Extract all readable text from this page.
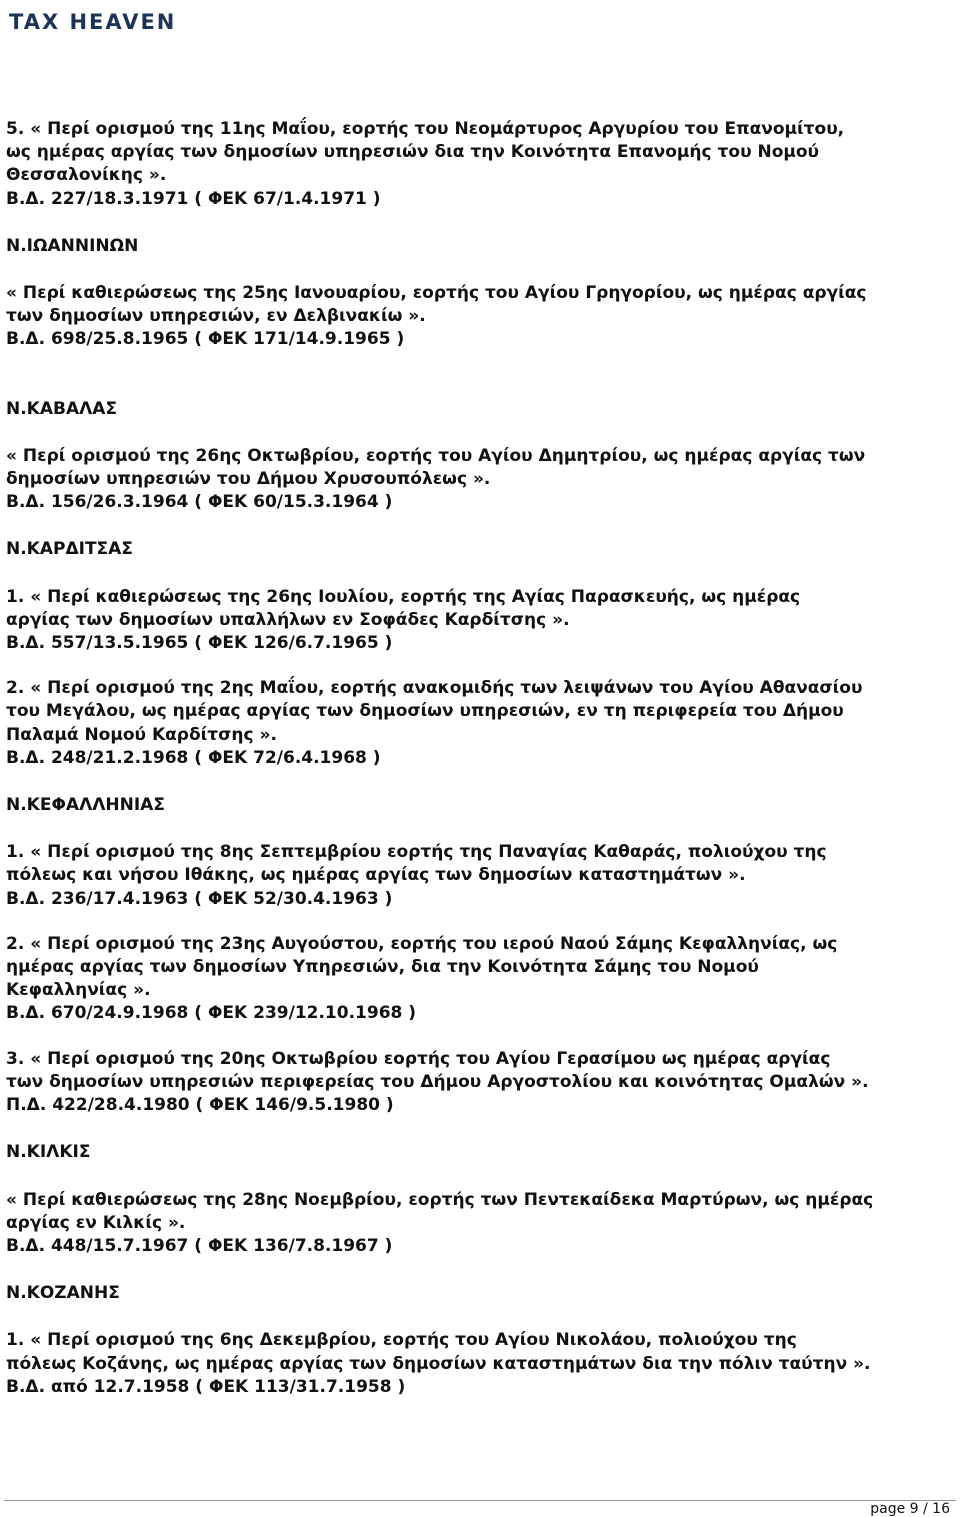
TAX HEAVEN
5. « Περί ορισμού της 11ης Μαΐου, εορτής του Νεομάρτυρος Αργυρίου του Επανομίτου,
ως ημέρας αργίας των δημοσίων υπηρεσιών δια την Κοινότητα Επανομής του Νομού
Θεσσαλονίκης ».
Β.Δ. 227/18.3.1971 ( ΦΕΚ 67/1.4.1971 )
Ν.ΙΩΑΝΝΙΝΩΝ
« Περί καθιερώσεως της 25ης Ιανουαρίου, εορτής του Αγίου Γρηγορίου, ως ημέρας αργίας
των δημοσίων υπηρεσιών, εν Δελβινακίω ».
Β.Δ. 698/25.8.1965 ( ΦΕΚ 171/14.9.1965 )
Ν.ΚΑΒΑΛΑΣ
« Περί ορισμού της 26ης Οκτωβρίου, εορτής του Αγίου Δημητρίου, ως ημέρας αργίας των
δημοσίων υπηρεσιών του Δήμου Χρυσουπόλεως ».
Β.Δ. 156/26.3.1964 ( ΦΕΚ 60/15.3.1964 )
Ν.ΚΑΡΔΙΤΣΑΣ
1. « Περί καθιερώσεως της 26ης Ιουλίου, εορτής της Αγίας Παρασκευής, ως ημέρας
αργίας των δημοσίων υπαλλήλων εν Σοφάδες Καρδίτσης ».
Β.Δ. 557/13.5.1965 ( ΦΕΚ 126/6.7.1965 )
2. « Περί ορισμού της 2ης Μαΐου, εορτής ανακομιδής των λειψάνων του Αγίου Αθανασίου
του Μεγάλου, ως ημέρας αργίας των δημοσίων υπηρεσιών, εν τη περιφερεία του Δήμου
Παλαμά Νομού Καρδίτσης ».
Β.Δ. 248/21.2.1968 ( ΦΕΚ 72/6.4.1968 )
Ν.ΚΕΦΑΛΛΗΝΙΑΣ
1. « Περί ορισμού της 8ης Σεπτεμβρίου εορτής της Παναγίας Καθαράς, πολιούχου της
πόλεως και νήσου Ιθάκης, ως ημέρας αργίας των δημοσίων καταστημάτων ».
Β.Δ. 236/17.4.1963 ( ΦΕΚ 52/30.4.1963 )
2. « Περί ορισμού της 23ης Αυγούστου, εορτής του ιερού Ναού Σάμης Κεφαλληνίας, ως
ημέρας αργίας των δημοσίων Υπηρεσιών, δια την Κοινότητα Σάμης του Νομού
Κεφαλληνίας ».
Β.Δ. 670/24.9.1968 ( ΦΕΚ 239/12.10.1968 )
3. « Περί ορισμού της 20ης Οκτωβρίου εορτής του Αγίου Γερασίμου ως ημέρας αργίας
των δημοσίων υπηρεσιών περιφερείας του Δήμου Αργοστολίου και κοινότητας Ομαλών ».
Π.Δ. 422/28.4.1980 ( ΦΕΚ 146/9.5.1980 )
Ν.ΚΙΛΚΙΣ
« Περί καθιερώσεως της 28ης Νοεμβρίου, εορτής των Πεντεκαίδεκα Μαρτύρων, ως ημέρας
αργίας εν Κιλκίς ».
Β.Δ. 448/15.7.1967 ( ΦΕΚ 136/7.8.1967 )
Ν.ΚΟΖΑΝΗΣ
1. « Περί ορισμού της 6ης Δεκεμβρίου, εορτής του Αγίου Νικολάου, πολιούχου της
πόλεως Κοζάνης, ως ημέρας αργίας των δημοσίων καταστημάτων δια την πόλιν ταύτην ».
Β.Δ. από 12.7.1958 ( ΦΕΚ 113/31.7.1958 )
page 9 / 16
